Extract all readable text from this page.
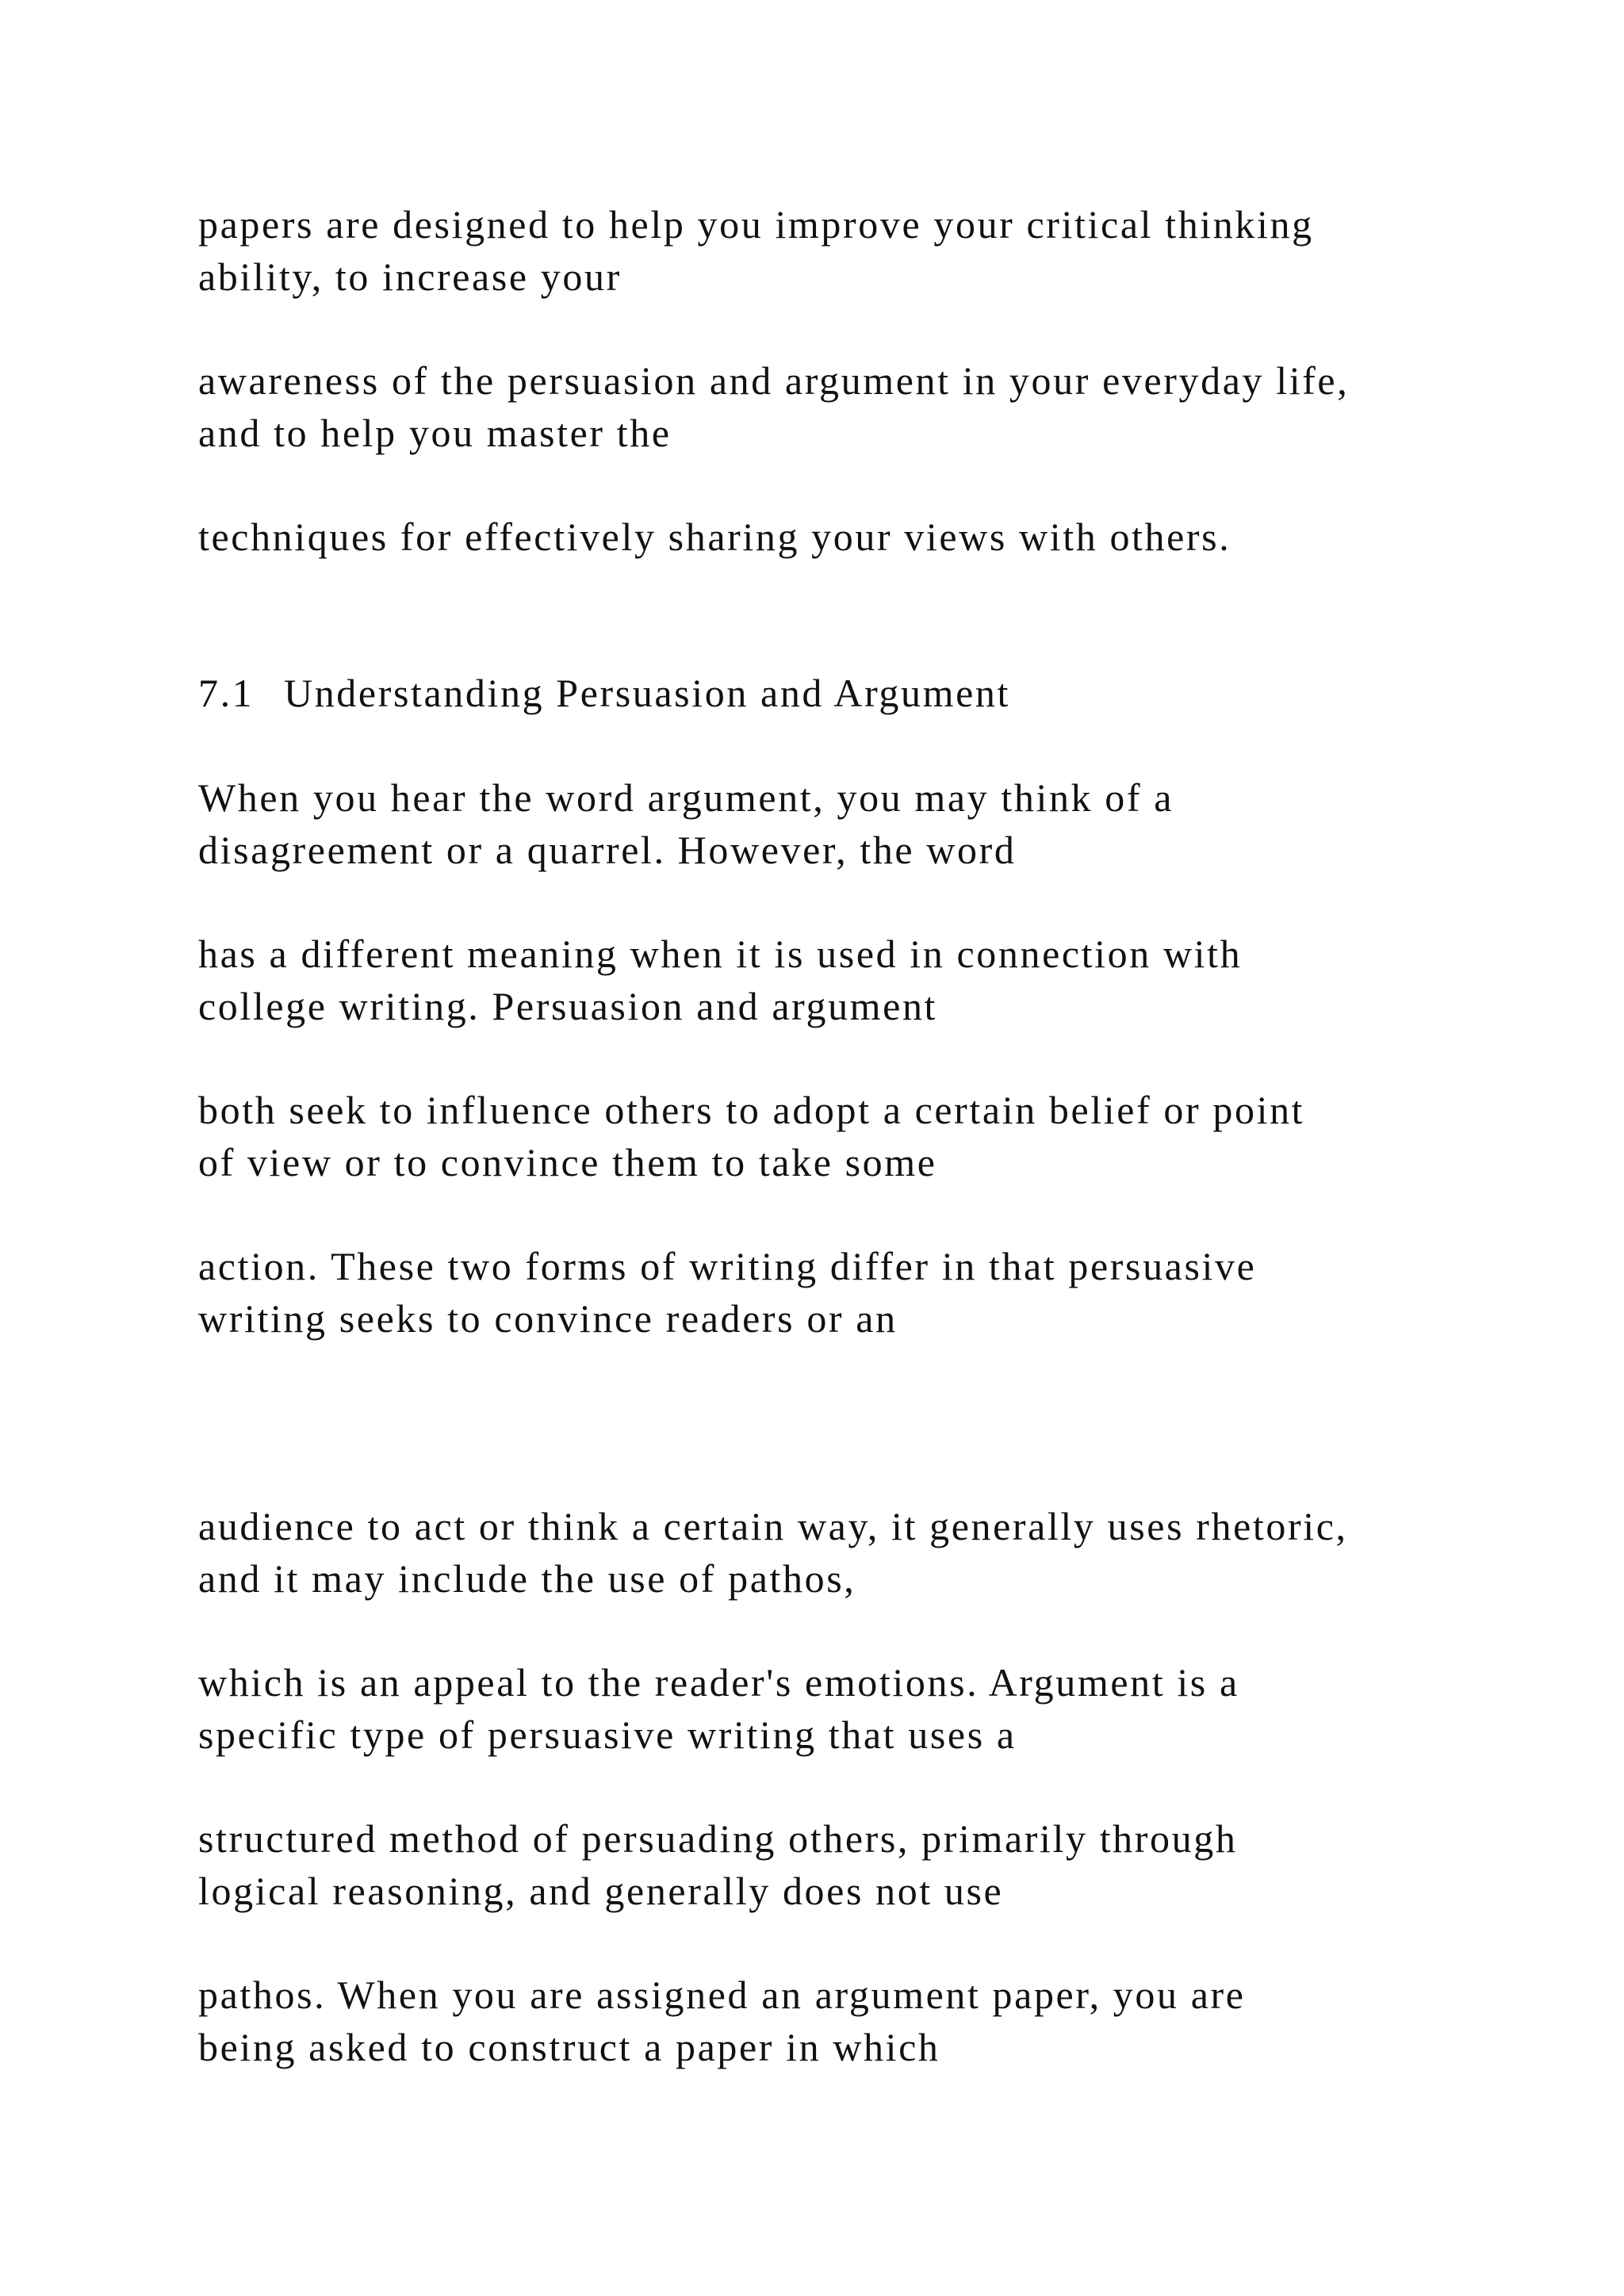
papers are designed to help you improve your critical thinking
ability, to increase your

awareness of the persuasion and argument in your everyday life,
and to help you master the

techniques for effectively sharing your views with others.

7.1 Understanding Persuasion and Argument

When you hear the word argument, you may think of a
disagreement or a quarrel. However, the word

has a different meaning when it is used in connection with
college writing. Persuasion and argument

both seek to influence others to adopt a certain belief or point
of view or to convince them to take some

action. These two forms of writing differ in that persuasive
writing seeks to convince readers or an

audience to act or think a certain way, it generally uses rhetoric,
and it may include the use of pathos,

which is an appeal to the reader's emotions. Argument is a
specific type of persuasive writing that uses a

structured method of persuading others, primarily through
logical reasoning, and generally does not use

pathos. When you are assigned an argument paper, you are
being asked to construct a paper in which
